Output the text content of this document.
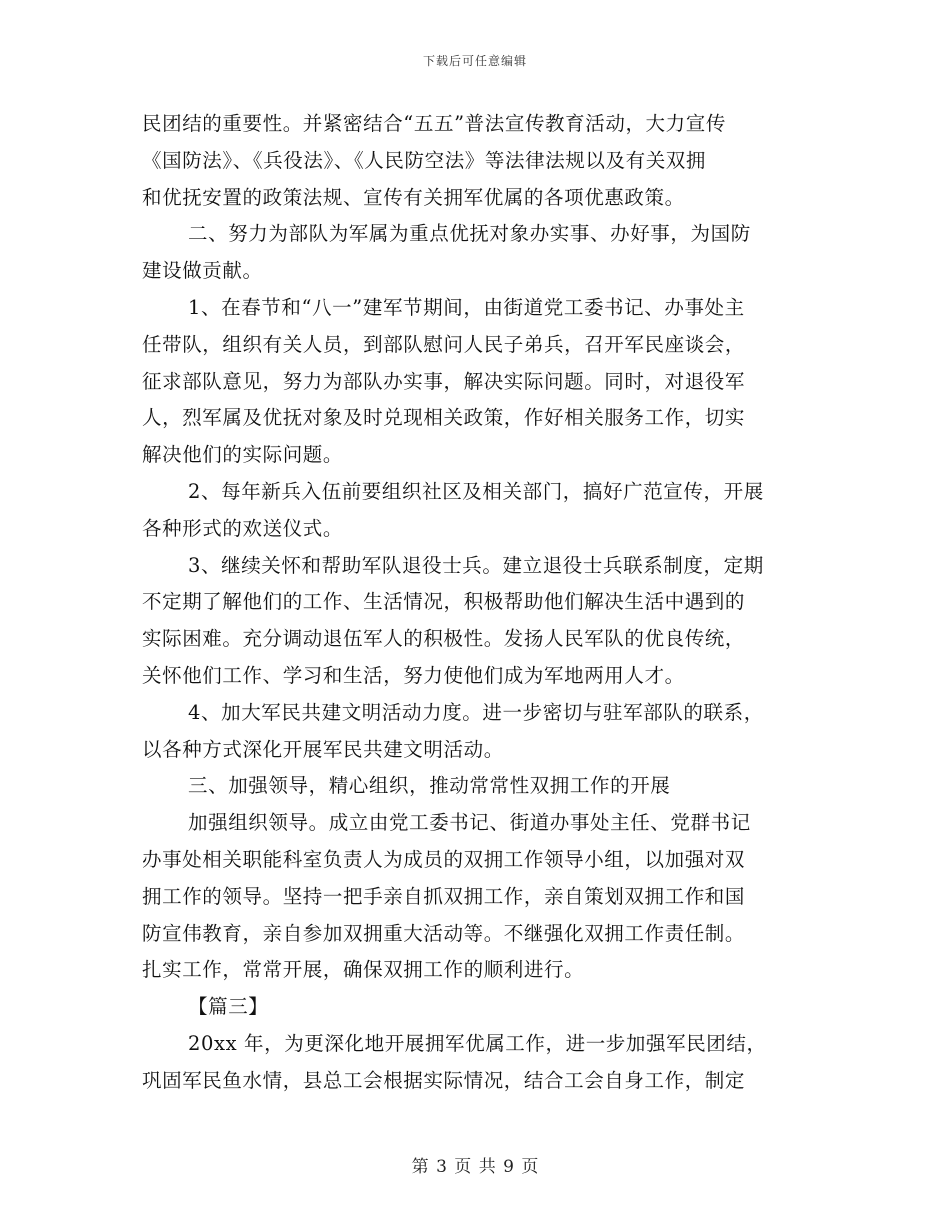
下载后可任意编辑
民团结的重要性。并紧密结合“五五”普法宣传教育活动，大力宣传
《国防法》、《兵役法》、《人民防空法》等法律法规以及有关双拥
和优抚安置的政策法规、宣传有关拥军优属的各项优惠政策。
二、努力为部队为军属为重点优抚对象办实事、办好事，为国防
建设做贡献。
1、在春节和“八一”建军节期间，由街道党工委书记、办事处主
任带队，组织有关人员，到部队慰问人民子弟兵，召开军民座谈会，
征求部队意见，努力为部队办实事，解决实际问题。同时，对退役军
人，烈军属及优抚对象及时兑现相关政策，作好相关服务工作，切实
解决他们的实际问题。
2、每年新兵入伍前要组织社区及相关部门，搞好广范宣传，开展
各种形式的欢送仪式。
3、继续关怀和帮助军队退役士兵。建立退役士兵联系制度，定期
不定期了解他们的工作、生活情况，积极帮助他们解决生活中遇到的
实际困难。充分调动退伍军人的积极性。发扬人民军队的优良传统，
关怀他们工作、学习和生活，努力使他们成为军地两用人才。
4、加大军民共建文明活动力度。进一步密切与驻军部队的联系，
以各种方式深化开展军民共建文明活动。
三、加强领导，精心组织，推动常常性双拥工作的开展
加强组织领导。成立由党工委书记、街道办事处主任、党群书记
办事处相关职能科室负责人为成员的双拥工作领导小组，以加强对双
拥工作的领导。坚持一把手亲自抓双拥工作，亲自策划双拥工作和国
防宣伟教育，亲自参加双拥重大活动等。不继强化双拥工作责任制。
扎实工作，常常开展，确保双拥工作的顺利进行。
【篇三】
20xx 年，为更深化地开展拥军优属工作，进一步加强军民团结，
巩固军民鱼水情，县总工会根据实际情况，结合工会自身工作，制定
第 3 页 共 9 页
